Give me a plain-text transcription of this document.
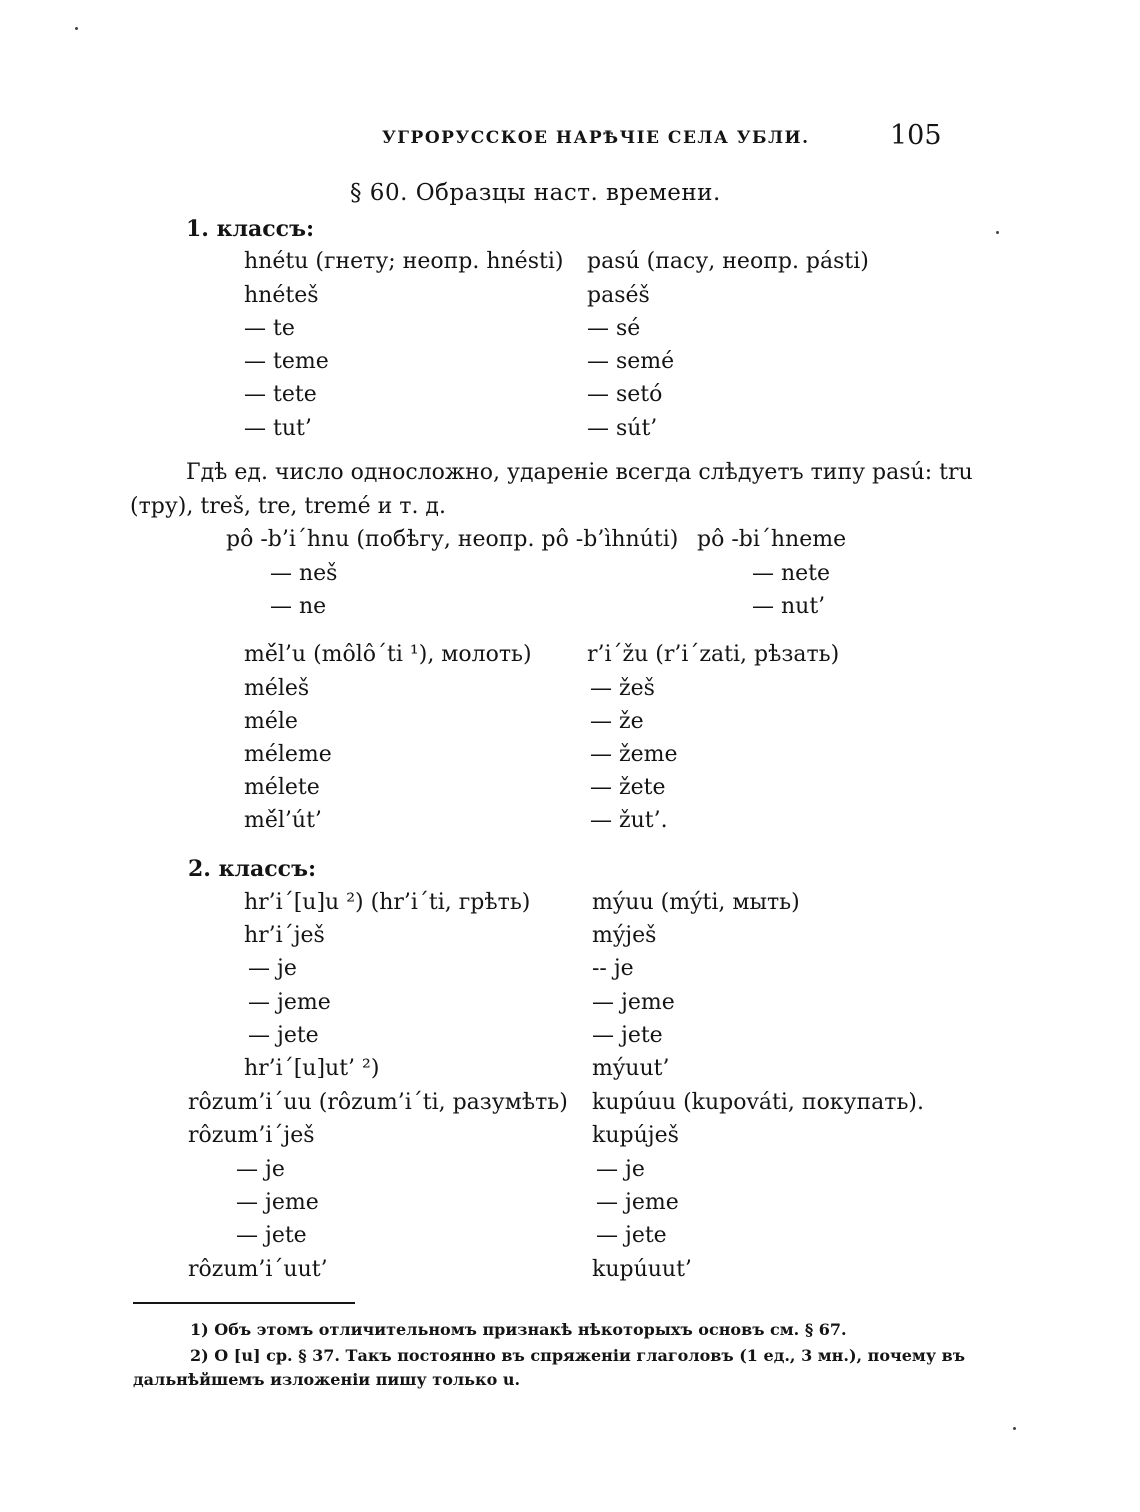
УГРОРУССКОЕ НАРѢЧІЕ СЕЛА УБЛИ.	105
§ 60. Образцы наст. времени.
1. классъ:
hnétu (гнету; неопр. hnésti)
hnéteš
— te
— teme
— tete
— tut’
pasú (пасу, неопр. pásti)
paséš
— sé
— semé
— setó
— sút’
Гдѣ ед. число односложно, удареніе всегда слѣдуетъ типу pasú: tru
(тру), treš, tre, tremé и т. д.
pô -b’i´hnu (побѣгу, неопр. pô -b’ìhnúti)
— neš
— ne
pô -bi´hneme
— nete
— nut’
mě́l’u (môlô´ti ¹), молоть)
méleš
méle
méleme
mélete
mě́l’út’
r’i´žu (r’i´zati, рѣзать)
— žeš
— že
— žeme
— žete
— žut’.
2. классъ:
hr’i´[u]u ²) (hr’i´ti, грѣть)
hr’i´ješ
— je
— jeme
— jete
hr’i´[u]ut’ ²)
mýuu (mýti, мыть)
mýješ
-- je
— jeme
— jete
mýuut’
rôzum’i´uu (rôzum’i´ti, разумѣть)
rôzum’i´ješ
— je
— jeme
— jete
rôzum’i´uut’
kupúuu (kupováti, покупать).
kupúješ
— je
— jeme
— jete
kupúuut’
1) Объ этомъ отличительномъ признакѣ нѣкоторыхъ основъ см. § 67.
2) О [u] ср. § 37. Такъ постоянно въ спряженіи глаголовъ (1 ед., 3 мн.), почему въ
дальнѣйшемъ изложеніи пишу только u.
